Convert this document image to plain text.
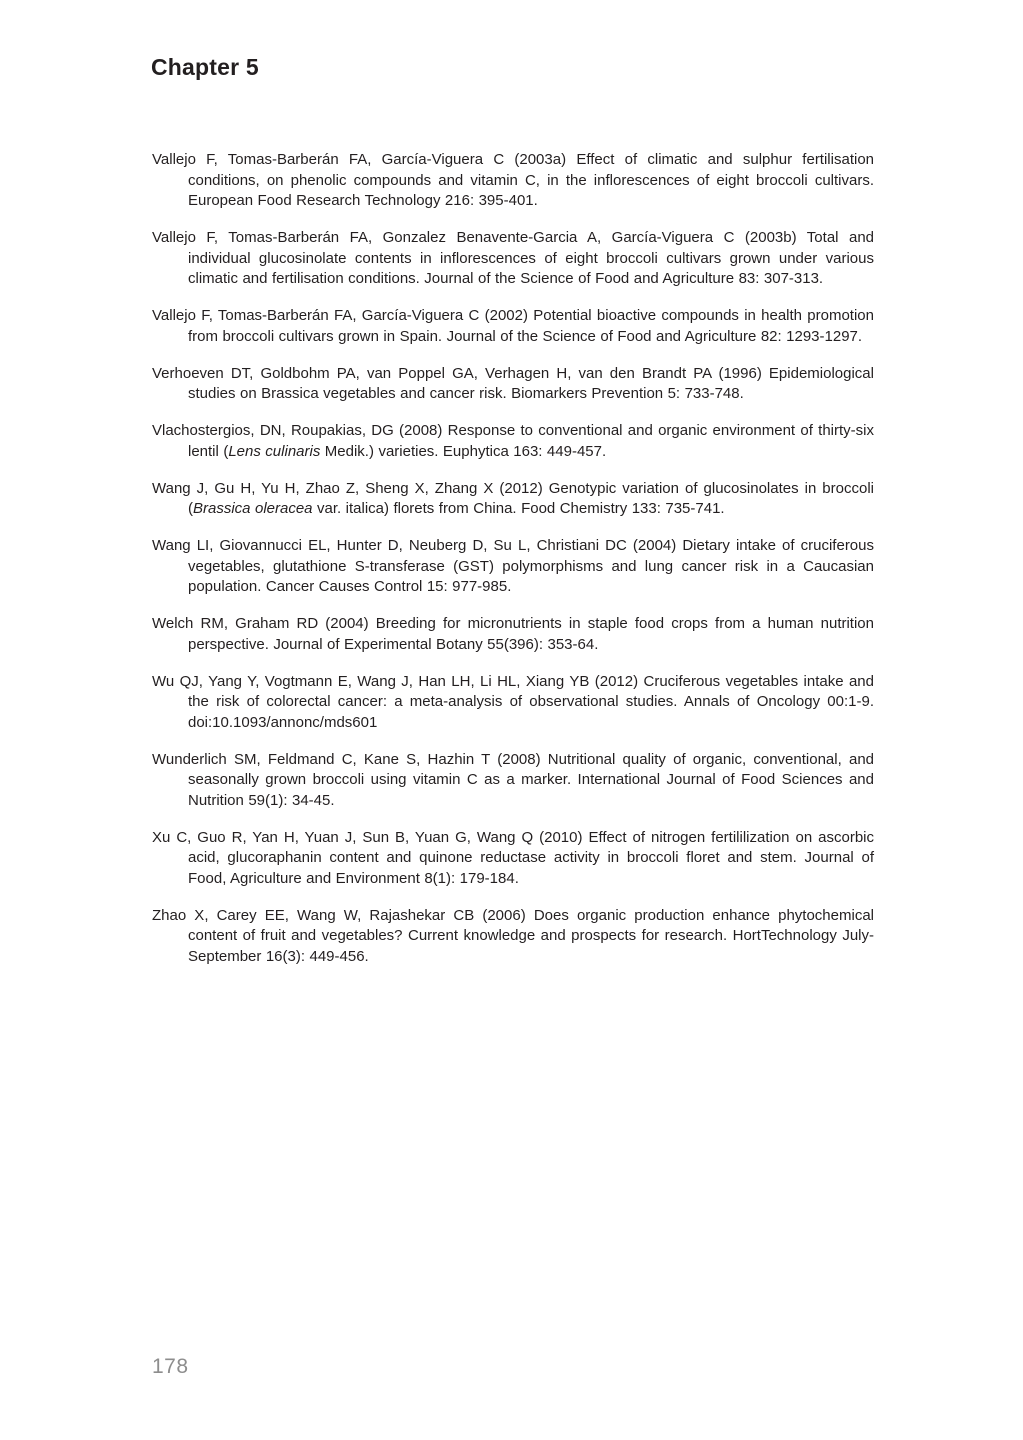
Chapter 5

Vallejo F, Tomas-Barberán FA, García-Viguera C (2003a) Effect of climatic and sulphur fertilisation conditions, on phenolic compounds and vitamin C, in the inflorescences of eight broccoli cultivars. European Food Research Technology 216: 395-401.

Vallejo F, Tomas-Barberán FA, Gonzalez Benavente-Garcia A, García-Viguera C (2003b) Total and individual glucosinolate contents in inflorescences of eight broccoli cultivars grown under various climatic and fertilisation conditions. Journal of the Science of Food and Agriculture 83: 307-313.

Vallejo F, Tomas-Barberán FA, García-Viguera C (2002) Potential bioactive compounds in health promotion from broccoli cultivars grown in Spain. Journal of the Science of Food and Agriculture 82: 1293-1297.

Verhoeven DT, Goldbohm PA, van Poppel GA, Verhagen H, van den Brandt PA (1996) Epidemiological studies on Brassica vegetables and cancer risk. Biomarkers Prevention 5: 733-748.

Vlachostergios, DN, Roupakias, DG (2008) Response to conventional and organic environment of thirty-six lentil (Lens culinaris Medik.) varieties. Euphytica 163: 449-457.

Wang J, Gu H, Yu H, Zhao Z, Sheng X, Zhang X (2012) Genotypic variation of glucosinolates in broccoli (Brassica oleracea var. italica) florets from China. Food Chemistry 133: 735-741.

Wang LI, Giovannucci EL, Hunter D, Neuberg D, Su L, Christiani DC (2004) Dietary intake of cruciferous vegetables, glutathione S-transferase (GST) polymorphisms and lung cancer risk in a Caucasian population. Cancer Causes Control 15: 977-985.

Welch RM, Graham RD (2004) Breeding for micronutrients in staple food crops from a human nutrition perspective. Journal of Experimental Botany 55(396): 353-64.

Wu QJ, Yang Y, Vogtmann E, Wang J, Han LH, Li HL, Xiang YB (2012) Cruciferous vegetables intake and the risk of colorectal cancer: a meta-analysis of observational studies. Annals of Oncology 00:1-9. doi:10.1093/annonc/mds601

Wunderlich SM, Feldmand C, Kane S, Hazhin T (2008) Nutritional quality of organic, conventional, and seasonally grown broccoli using vitamin C as a marker. International Journal of Food Sciences and Nutrition 59(1): 34-45.

Xu C, Guo R, Yan H, Yuan J, Sun B, Yuan G, Wang Q (2010) Effect of nitrogen fertililization on ascorbic acid, glucoraphanin content and quinone reductase activity in broccoli floret and stem. Journal of Food, Agriculture and Environment 8(1): 179-184.

Zhao X, Carey EE, Wang W, Rajashekar CB (2006) Does organic production enhance phytochemical content of fruit and vegetables? Current knowledge and prospects for research. HortTechnology July-September 16(3): 449-456.

178
